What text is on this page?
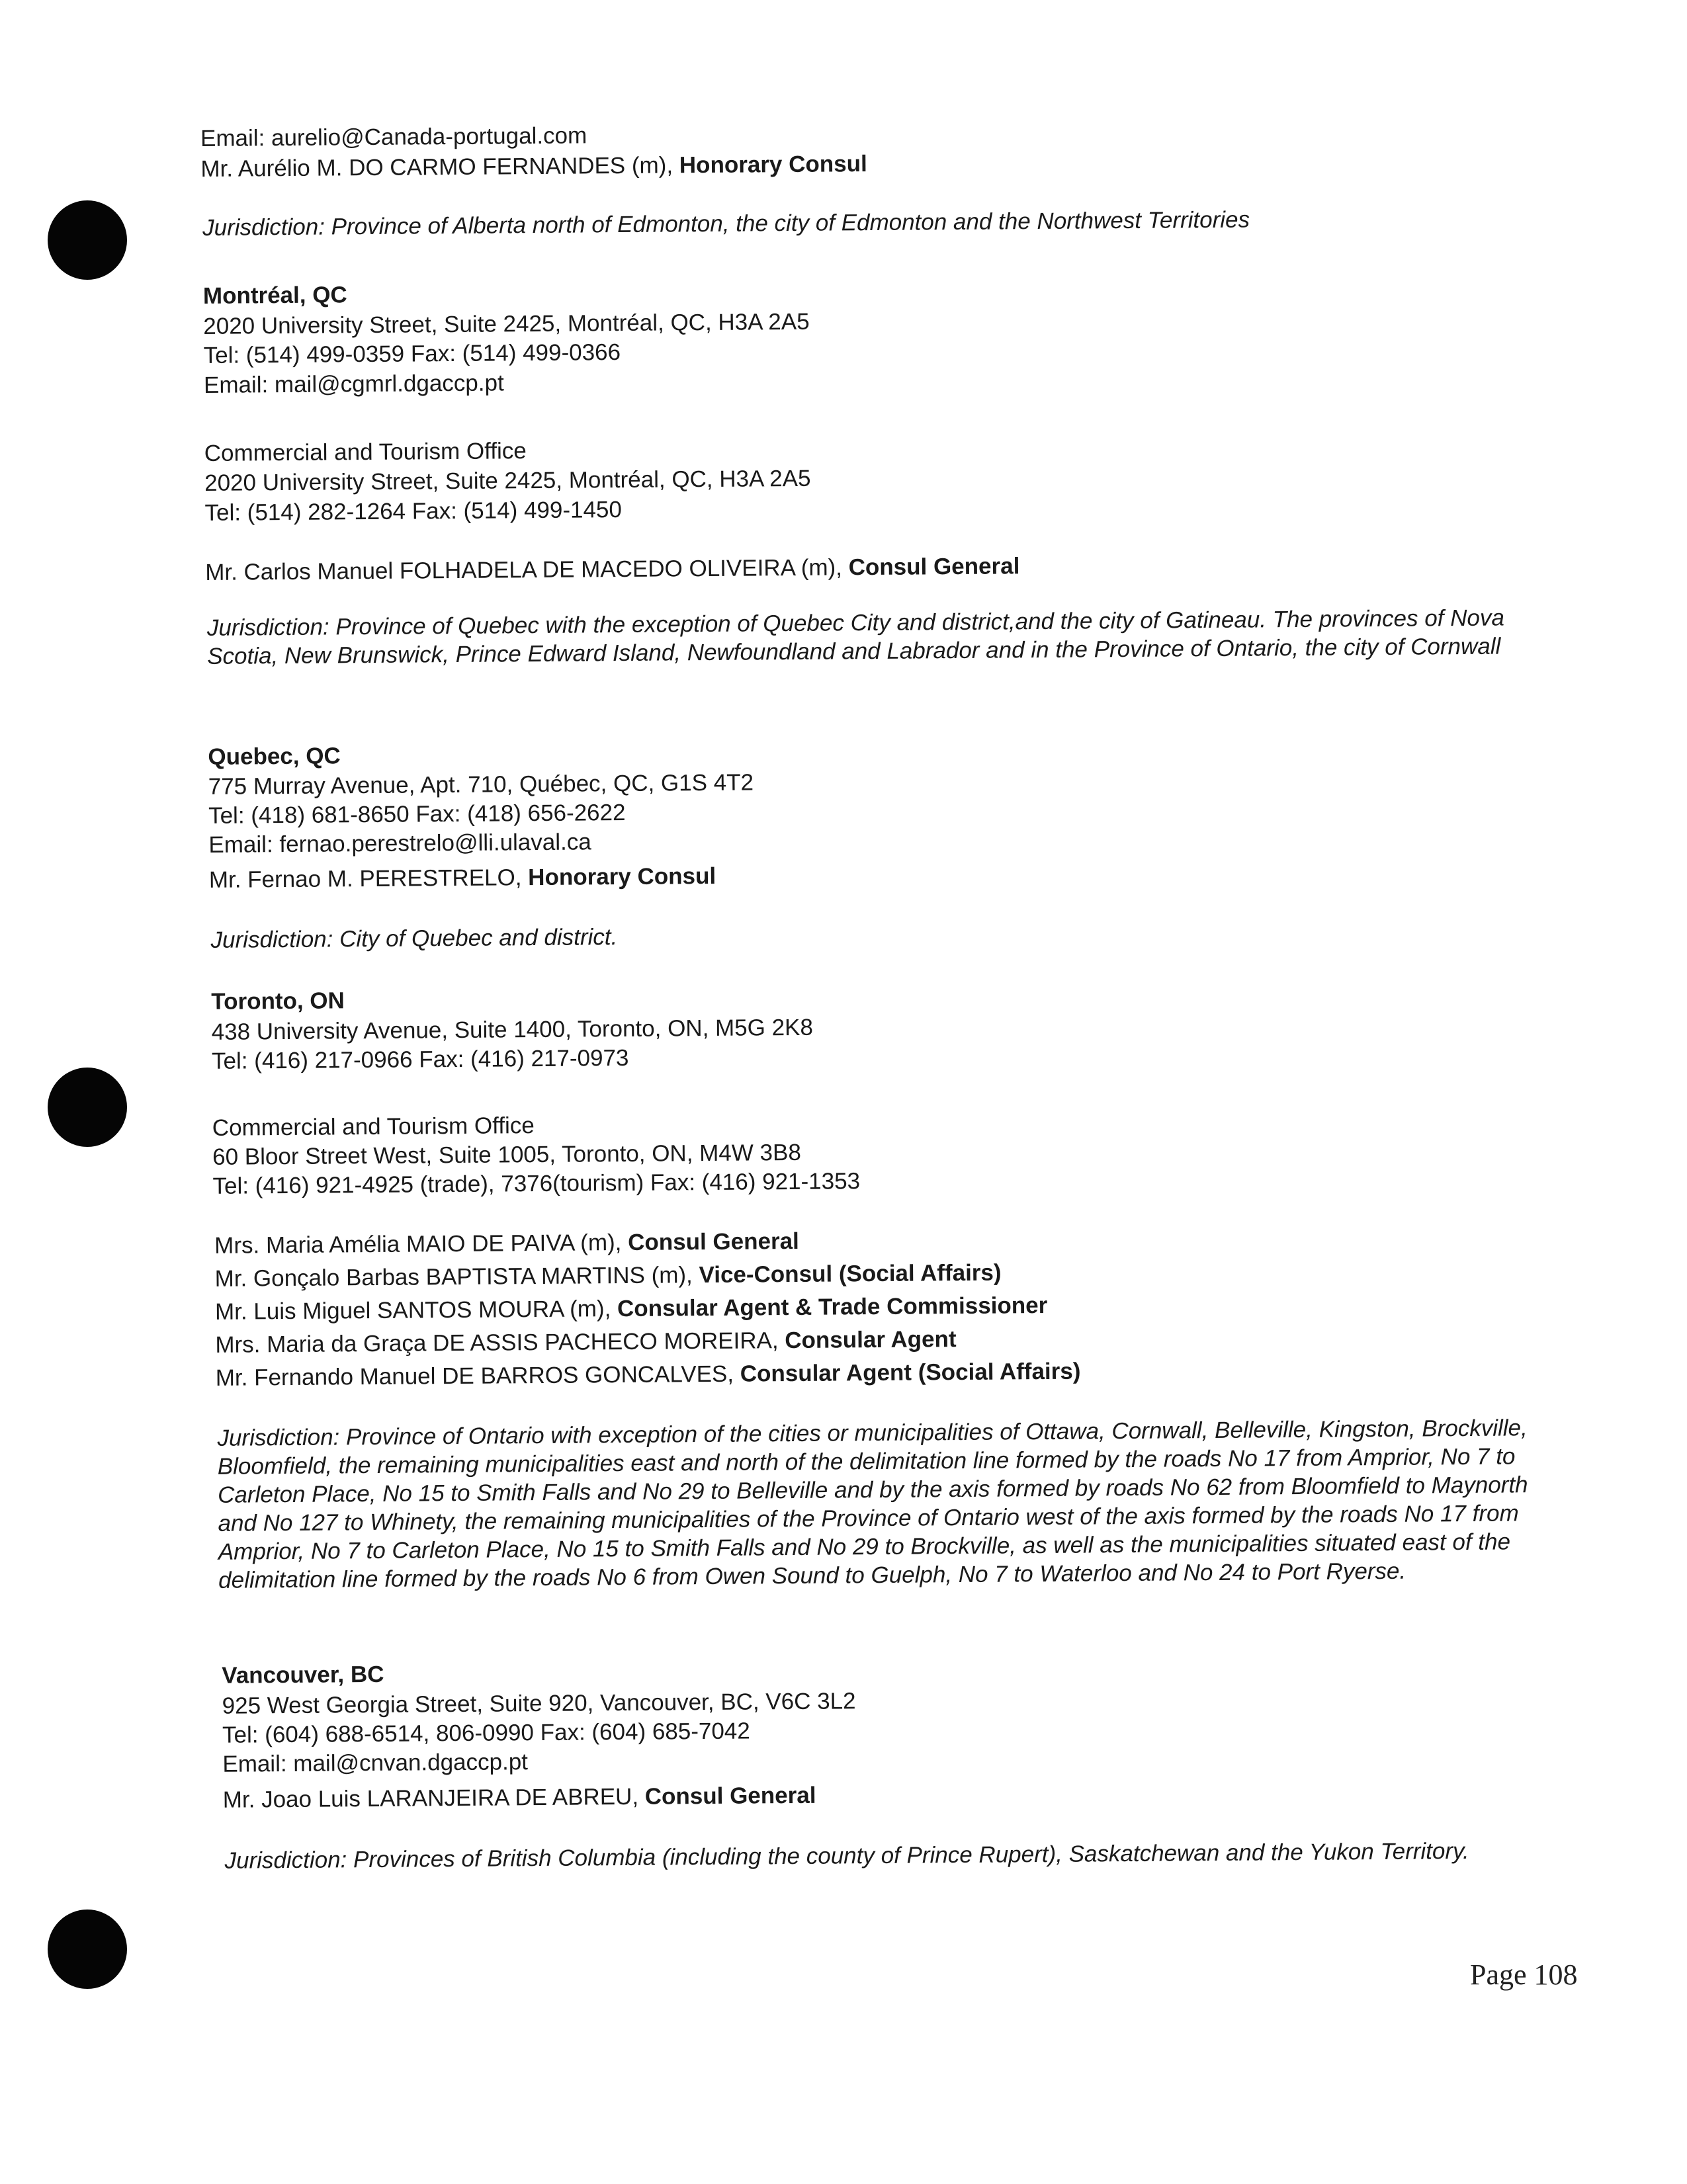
Email: aurelio@Canada-portugal.com
Mr. Aurélio M. DO CARMO FERNANDES (m), Honorary Consul
Jurisdiction: Province of Alberta north of Edmonton, the city of Edmonton and the Northwest Territories
Montréal, QC
2020 University Street, Suite 2425, Montréal, QC, H3A 2A5
Tel: (514) 499-0359 Fax: (514) 499-0366
Email: mail@cgmrl.dgaccp.pt
Commercial and Tourism Office
2020 University Street, Suite 2425, Montréal, QC, H3A 2A5
Tel: (514) 282-1264 Fax: (514) 499-1450
Mr. Carlos Manuel FOLHADELA DE MACEDO OLIVEIRA (m), Consul General
Jurisdiction: Province of Quebec with the exception of Quebec City and district,and the city of Gatineau. The provinces of Nova Scotia, New Brunswick, Prince Edward Island, Newfoundland and Labrador and in the Province of Ontario, the city of Cornwall
Quebec, QC
775 Murray Avenue, Apt. 710, Québec, QC, G1S 4T2
Tel: (418) 681-8650 Fax: (418) 656-2622
Email: fernao.perestrelo@lli.ulaval.ca
Mr. Fernao M. PERESTRELO, Honorary Consul
Jurisdiction: City of Quebec and district.
Toronto, ON
438 University Avenue, Suite 1400, Toronto, ON, M5G 2K8
Tel: (416) 217-0966 Fax: (416) 217-0973
Commercial and Tourism Office
60 Bloor Street West, Suite 1005, Toronto, ON, M4W 3B8
Tel: (416) 921-4925 (trade), 7376(tourism) Fax: (416) 921-1353
Mrs. Maria Amélia MAIO DE PAIVA (m), Consul General
Mr. Gonçalo Barbas BAPTISTA MARTINS (m), Vice-Consul (Social Affairs)
Mr. Luis Miguel SANTOS MOURA (m), Consular Agent & Trade Commissioner
Mrs. Maria da Graça DE ASSIS PACHECO MOREIRA, Consular Agent
Mr. Fernando Manuel DE BARROS GONCALVES, Consular Agent (Social Affairs)
Jurisdiction: Province of Ontario with exception of the cities or municipalities of Ottawa, Cornwall, Belleville, Kingston, Brockville, Bloomfield, the remaining municipalities east and north of the delimitation line formed by the roads No 17 from Amprior, No 7 to Carleton Place, No 15 to Smith Falls and No 29 to Belleville and by the axis formed by roads No 62 from Bloomfield to Maynorth and No 127 to Whinety, the remaining municipalities of the Province of Ontario west of the axis formed by the roads No 17 from Amprior, No 7 to Carleton Place, No 15 to Smith Falls and No 29 to Brockville, as well as the municipalities situated east of the delimitation line formed by the roads No 6 from Owen Sound to Guelph, No 7 to Waterloo and No 24 to Port Ryerse.
Vancouver, BC
925 West Georgia Street, Suite 920, Vancouver, BC, V6C 3L2
Tel: (604) 688-6514, 806-0990 Fax: (604) 685-7042
Email: mail@cnvan.dgaccp.pt
Mr. Joao Luis LARANJEIRA DE ABREU, Consul General
Jurisdiction: Provinces of British Columbia (including the county of Prince Rupert), Saskatchewan and the Yukon Territory.
Page 108
